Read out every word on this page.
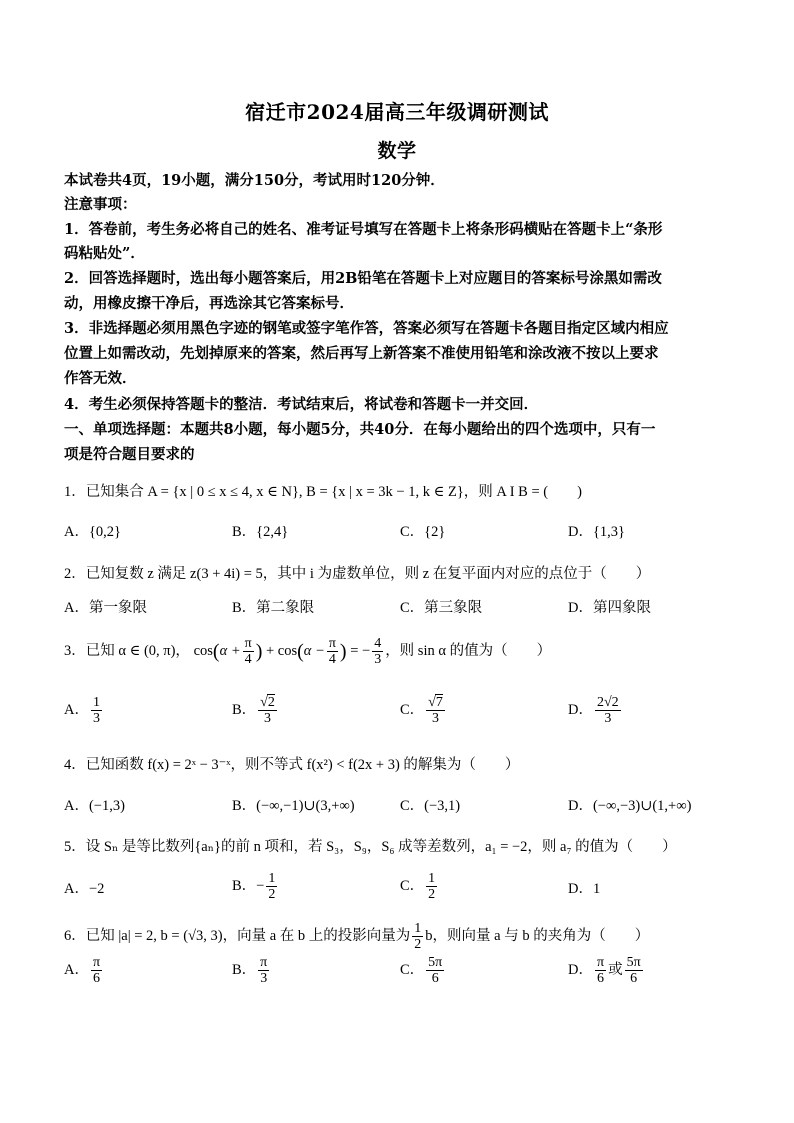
宿迁市2024届高三年级调研测试
数学
本试卷共4页，19小题，满分150分，考试用时120分钟．
注意事项：
1．答卷前，考生务必将自己的姓名、准考证号填写在答题卡上将条形码横贴在答题卡上“条形
码粘贴处”．
2．回答选择题时，选出每小题答案后，用2B铅笔在答题卡上对应题目的答案标号涂黑如需改
动，用橡皮擦干净后，再选涂其它答案标号．
3．非选择题必须用黑色字迹的钢笔或签字笔作答，答案必须写在答题卡各题目指定区域内相应
位置上如需改动，先划掉原来的答案，然后再写上新答案不准使用铅笔和涂改液不按以上要求
作答无效．
4．考生必须保持答题卡的整洁．考试结束后，将试卷和答题卡一并交回．
一、单项选择题：本题共8小题，每小题5分，共40分．在每小题给出的四个选项中，只有一
项是符合题目要求的
1．已知集合 A = {x | 0 ≤ x ≤ 4, x ∈ N}, B = {x | x = 3k − 1, k ∈ Z}，则 A I B = (　　)
A．{0,2}	B．{2,4}	C．{2}	D．{1,3}
2．已知复数 z 满足 z(3 + 4i) = 5，其中 i 为虚数单位，则 z 在复平面内对应的点位于（　　）
A．第一象限	B．第二象限	C．第三象限	D．第四象限
3．已知 α ∈ (0, π)， $\cos(\alpha + \frac{\pi}{4}$ ) + $\cos(\alpha - \frac{\pi}{4}$ ) = − $\frac{4}{3}$ ，则 sin α 的值为（　　）
A． $\frac{1}{3}$	B． $\frac{√2}{3}$	C． $\frac{√7}{3}$	D． $\frac{2√2}{3}$
4．已知函数 f(x) = 2ˣ − 3⁻ˣ，则不等式 f(x²) < f(2x + 3) 的解集为（　　）
A．(−1,3)	B．(−∞,−1)∪(3,+∞)	C．(−3,1)	D．(−∞,−3)∪(1,+∞)
5．设 Sₙ 是等比数列{aₙ}的前 n 项和，若 S₃，S₉，S₆ 成等差数列，a₁ = −2，则 a₇ 的值为（　　）
A．−2	B．− $\frac{1}{2}$	C． $\frac{1}{2}$	D．1
6．已知 |a| = 2, b = (√3, 3)，向量 a 在 b 上的投影向量为 $\frac{1}{2}$ b，则向量 a 与 b 的夹角为（　　）
A． $\frac{\pi}{6}$	B． $\frac{\pi}{3}$	C． $\frac{5\pi}{6}$	D． $\frac{\pi}{6}$ 或 $\frac{5\pi}{6}$
